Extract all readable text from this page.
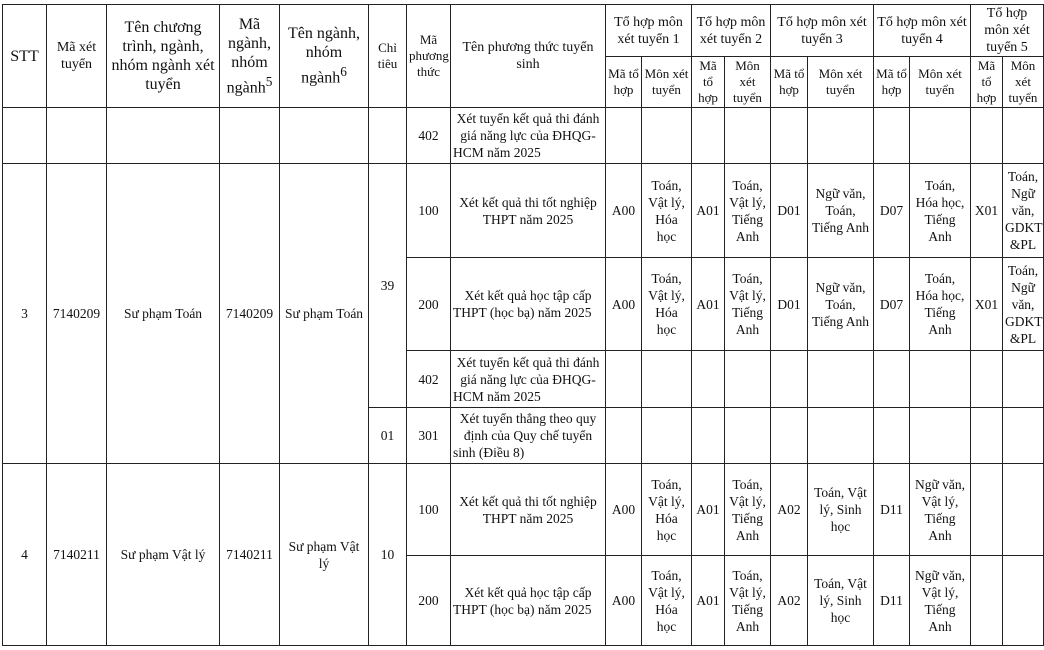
STT	Mã xét tuyển	Tên chương trình, ngành, nhóm ngành xét tuyển	Mã ngành, nhóm ngành$^5$	Tên ngành, nhóm ngành$^6$	Chỉ tiêu	Mã phương thức	Tên phương thức tuyển sinh	Tổ hợp môn xét tuyển 1		Tổ hợp môn xét tuyển 2		Tổ hợp môn xét tuyển 3		Tổ hợp môn xét tuyển 4		Tổ hợp môn xét tuyển 5	
								Mã tổ hợp	Môn xét tuyển	Mã tổ hợp	Môn xét tuyển	Mã tổ hợp	Môn xét tuyển	Mã tổ hợp	Môn xét tuyển	Mã tổ hợp	Môn xét tuyển
						402	Xét tuyển kết quả thi đánh giá năng lực của ĐHQG-HCM năm 2025										
3	7140209	Sư phạm Toán	7140209	Sư phạm Toán	39	100	Xét kết quả thi tốt nghiệp THPT năm 2025	A00	Toán, Vật lý, Hóa học	A01	Toán, Vật lý, Tiếng Anh	D01	Ngữ văn, Toán, Tiếng Anh	D07	Toán, Hóa học, Tiếng Anh	X01	Toán, Ngữ văn, GDKT &PL
						200	Xét kết quả học tập cấp THPT (học bạ) năm 2025	A00	Toán, Vật lý, Hóa học	A01	Toán, Vật lý, Tiếng Anh	D01	Ngữ văn, Toán, Tiếng Anh	D07	Toán, Hóa học, Tiếng Anh	X01	Toán, Ngữ văn, GDKT &PL
						402	Xét tuyển kết quả thi đánh giá năng lực của ĐHQG-HCM năm 2025										
					01	301	Xét tuyển thẳng theo quy định của Quy chế tuyển sinh (Điều 8)										
4	7140211	Sư phạm Vật lý	7140211	Sư phạm Vật lý	10	100	Xét kết quả thi tốt nghiệp THPT năm 2025	A00	Toán, Vật lý, Hóa học	A01	Toán, Vật lý, Tiếng Anh	A02	Toán, Vật lý, Sinh học	D11	Ngữ văn, Vật lý, Tiếng Anh		
						200	Xét kết quả học tập cấp THPT (học bạ) năm 2025	A00	Toán, Vật lý, Hóa học	A01	Toán, Vật lý, Tiếng Anh	A02	Toán, Vật lý, Sinh học	D11	Ngữ văn, Vật lý, Tiếng Anh		
